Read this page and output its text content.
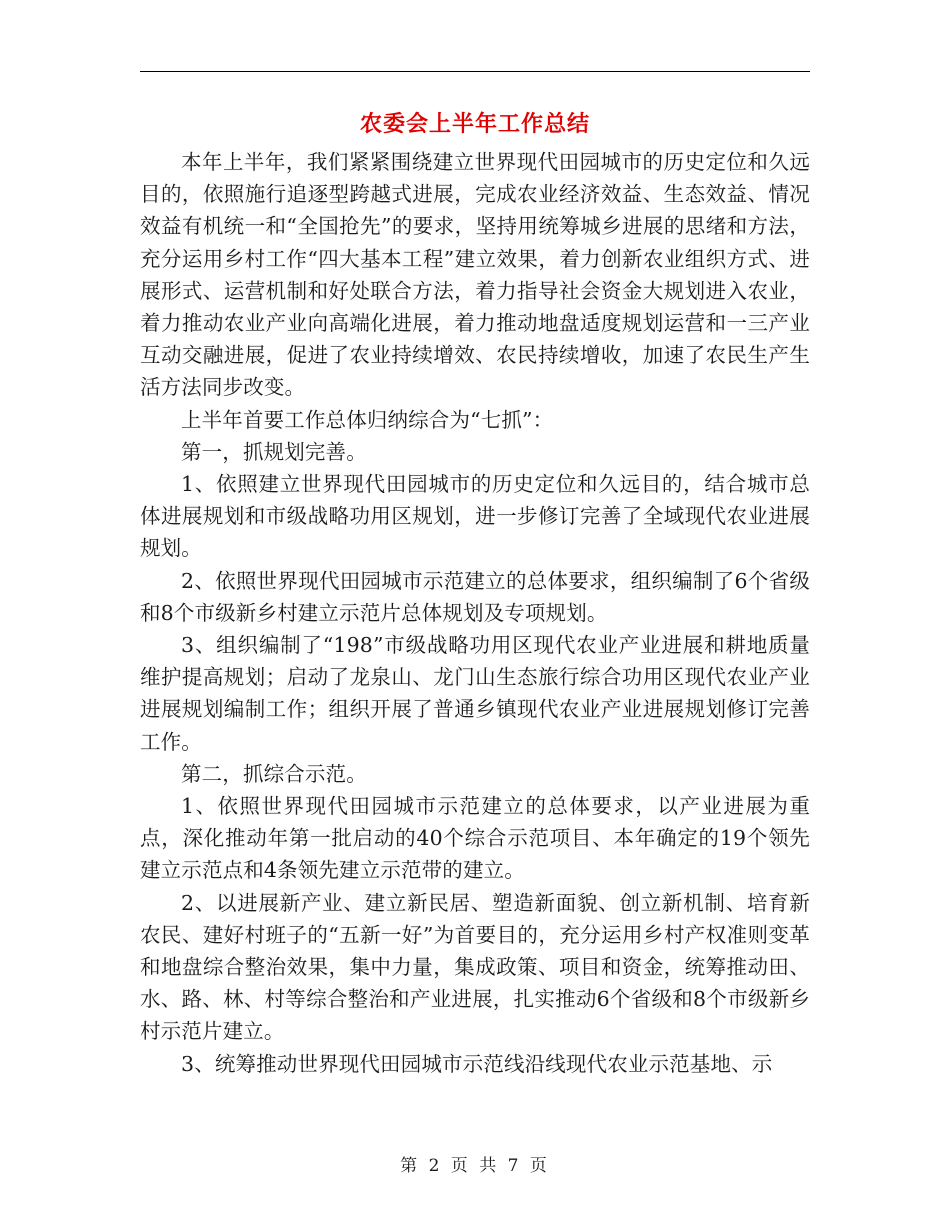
农委会上半年工作总结

本年上半年，我们紧紧围绕建立世界现代田园城市的历史定位和久远目的，依照施行追逐型跨越式进展，完成农业经济效益、生态效益、情况效益有机统一和“全国抢先”的要求，坚持用统筹城乡进展的思绪和方法，充分运用乡村工作“四大基本工程”建立效果，着力创新农业组织方式、进展形式、运营机制和好处联合方法，着力指导社会资金大规划进入农业，着力推动农业产业向高端化进展，着力推动地盘适度规划运营和一三产业互动交融进展，促进了农业持续增效、农民持续增收，加速了农民生产生活方法同步改变。

上半年首要工作总体归纳综合为“七抓”：

第一，抓规划完善。

1、依照建立世界现代田园城市的历史定位和久远目的，结合城市总体进展规划和市级战略功用区规划，进一步修订完善了全域现代农业进展规划。

2、依照世界现代田园城市示范建立的总体要求，组织编制了6个省级和8个市级新乡村建立示范片总体规划及专项规划。

3、组织编制了“198”市级战略功用区现代农业产业进展和耕地质量维护提高规划；启动了龙泉山、龙门山生态旅行综合功用区现代农业产业进展规划编制工作；组织开展了普通乡镇现代农业产业进展规划修订完善工作。

第二，抓综合示范。

1、依照世界现代田园城市示范建立的总体要求，以产业进展为重点，深化推动年第一批启动的40个综合示范项目、本年确定的19个领先建立示范点和4条领先建立示范带的建立。

2、以进展新产业、建立新民居、塑造新面貌、创立新机制、培育新农民、建好村班子的“五新一好”为首要目的，充分运用乡村产权准则变革和地盘综合整治效果，集中力量，集成政策、项目和资金，统筹推动田、水、路、林、村等综合整治和产业进展，扎实推动6个省级和8个市级新乡村示范片建立。

3、统筹推动世界现代田园城市示范线沿线现代农业示范基地、示

第 2 页 共 7 页
